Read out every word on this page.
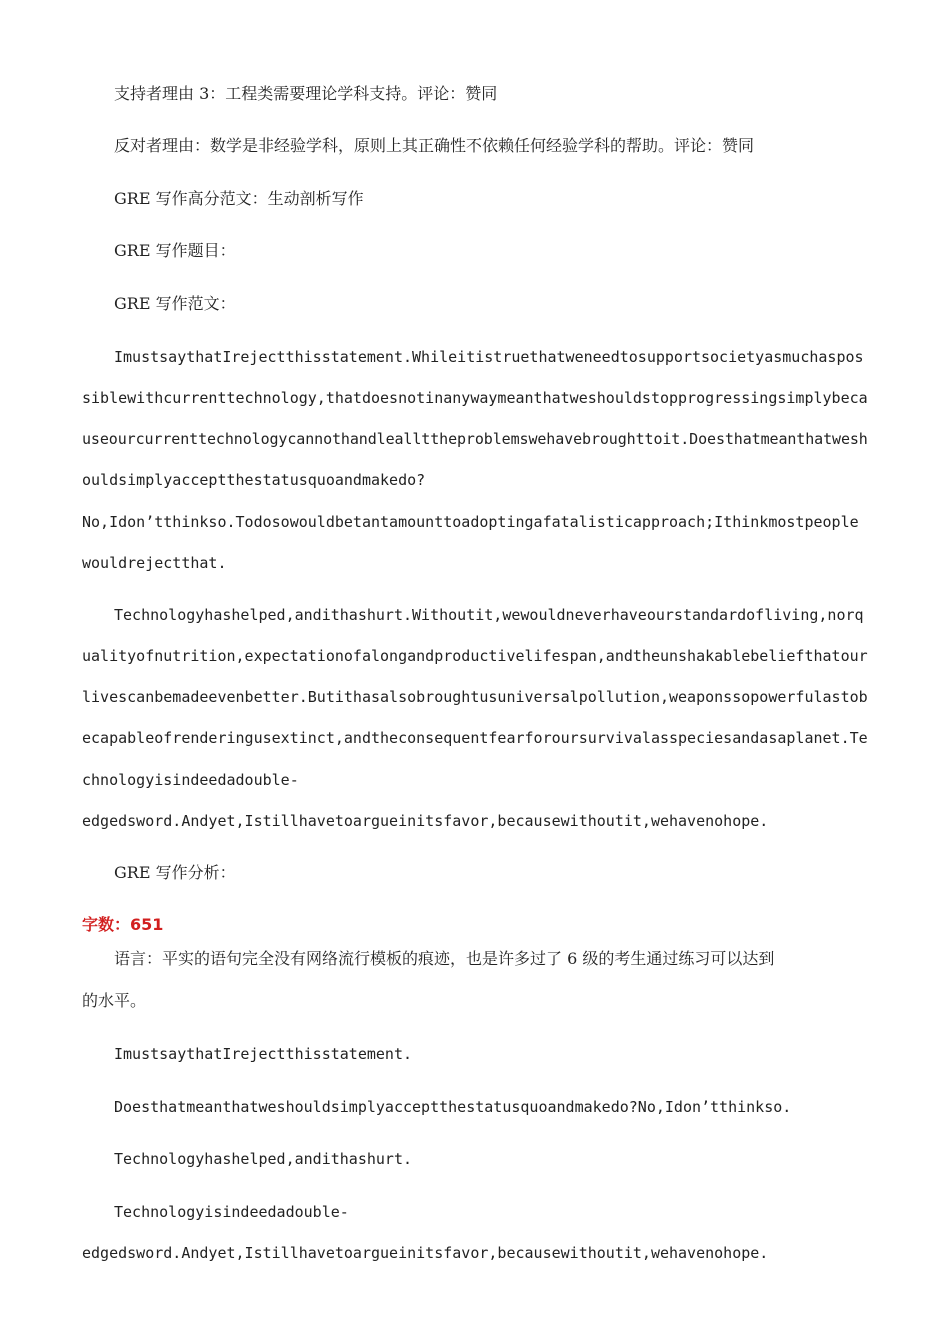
支持者理由 3：工程类需要理论学科支持。评论：赞同
反对者理由：数学是非经验学科，原则上其正确性不依赖任何经验学科的帮助。评论：赞同
GRE 写作高分范文：生动剖析写作
GRE 写作题目：
GRE 写作范文：
ImustsaythatIrejectthisstatement.Whileitistruethatweneedtosupportsocietyasmuchaspos
siblewithcurrenttechnology,thatdoesnotinanywaymeanthatweshouldstopprogressingsimplybeca
useourcurrenttechnologycannothandleallttheproblemswehavebroughttoit.Doesthatmeanthatwesh
ouldsimplyacceptthestatusquoandmakedo?
No,Idon’tthinkso.Todosowouldbetantamounttoadoptingafatalisticapproach;Ithinkmostpeople
wouldrejectthat.
Technologyhashelped,andithashurt.Withoutit,wewouldneverhaveourstandardofliving,norq
ualityofnutrition,expectationofalongandproductivelifespan,andtheunshakablebeliefthatour
livescanbemadeevenbetter.Butithasalsobroughtusuniversalpollution,weaponssopowerfulastob
ecapableofrenderingusextinct,andtheconsequentfearforoursurvivalasspeciesandasaplanet.Te
chnologyisindeedadouble-
edgedsword.Andyet,Istillhavetoargueinitsfavor,becausewithoutit,wehavenohope.
GRE 写作分析：
字数：651
语言：平实的语句完全没有网络流行模板的痕迹，也是许多过了 6 级的考生通过练习可以达到
的水平。
ImustsaythatIrejectthisstatement.
Doesthatmeanthatweshouldsimplyacceptthestatusquoandmakedo?No,Idon’tthinkso.
Technologyhashelped,andithashurt.
Technologyisindeedadouble-
edgedsword.Andyet,Istillhavetoargueinitsfavor,becausewithoutit,wehavenohope.
